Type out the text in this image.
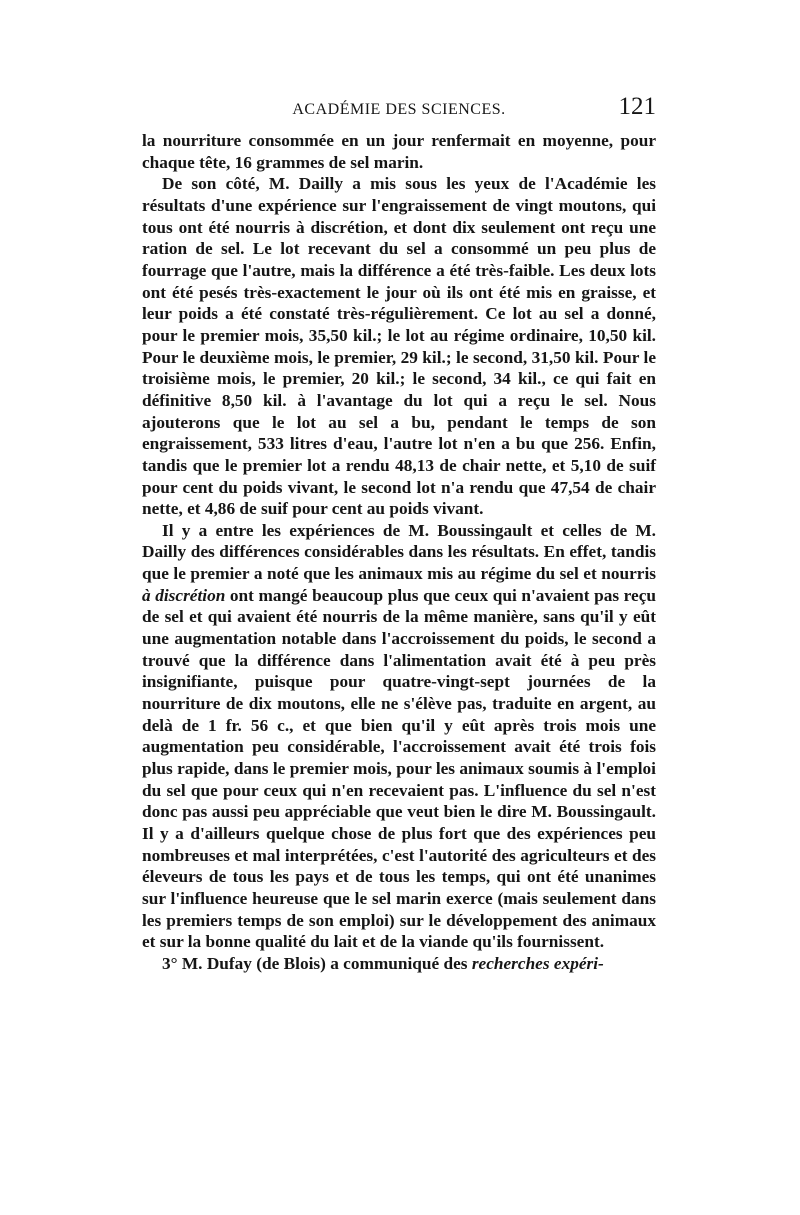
ACADÉMIE DES SCIENCES.	121

la nourriture consommée en un jour renfermait en moyenne, pour chaque tête, 16 grammes de sel marin.

De son côté, M. Dailly a mis sous les yeux de l'Académie les résultats d'une expérience sur l'engraissement de vingt moutons, qui tous ont été nourris à discrétion, et dont dix seulement ont reçu une ration de sel. Le lot recevant du sel a consommé un peu plus de fourrage que l'autre, mais la différence a été très-faible. Les deux lots ont été pesés très-exactement le jour où ils ont été mis en graisse, et leur poids a été constaté très-régulièrement. Ce lot au sel a donné, pour le premier mois, 35,50 kil.; le lot au régime ordinaire, 10,50 kil. Pour le deuxième mois, le premier, 29 kil.; le second, 31,50 kil. Pour le troisième mois, le premier, 20 kil.; le second, 34 kil., ce qui fait en définitive 8,50 kil. à l'avantage du lot qui a reçu le sel. Nous ajouterons que le lot au sel a bu, pendant le temps de son engraissement, 533 litres d'eau, l'autre lot n'en a bu que 256. Enfin, tandis que le premier lot a rendu 48,13 de chair nette, et 5,10 de suif pour cent du poids vivant, le second lot n'a rendu que 47,54 de chair nette, et 4,86 de suif pour cent au poids vivant.

Il y a entre les expériences de M. Boussingault et celles de M. Dailly des différences considérables dans les résultats. En effet, tandis que le premier a noté que les animaux mis au régime du sel et nourris à discrétion ont mangé beaucoup plus que ceux qui n'avaient pas reçu de sel et qui avaient été nourris de la même manière, sans qu'il y eût une augmentation notable dans l'accroissement du poids, le second a trouvé que la différence dans l'alimentation avait été à peu près insignifiante, puisque pour quatre-vingt-sept journées de la nourriture de dix moutons, elle ne s'élève pas, traduite en argent, au delà de 1 fr. 56 c., et que bien qu'il y eût après trois mois une augmentation peu considérable, l'accroissement avait été trois fois plus rapide, dans le premier mois, pour les animaux soumis à l'emploi du sel que pour ceux qui n'en recevaient pas. L'influence du sel n'est donc pas aussi peu appréciable que veut bien le dire M. Boussingault. Il y a d'ailleurs quelque chose de plus fort que des expériences peu nombreuses et mal interprétées, c'est l'autorité des agriculteurs et des éleveurs de tous les pays et de tous les temps, qui ont été unanimes sur l'influence heureuse que le sel marin exerce (mais seulement dans les premiers temps de son emploi) sur le développement des animaux et sur la bonne qualité du lait et de la viande qu'ils fournissent.

3° M. Dufay (de Blois) a communiqué des recherches expéri-
